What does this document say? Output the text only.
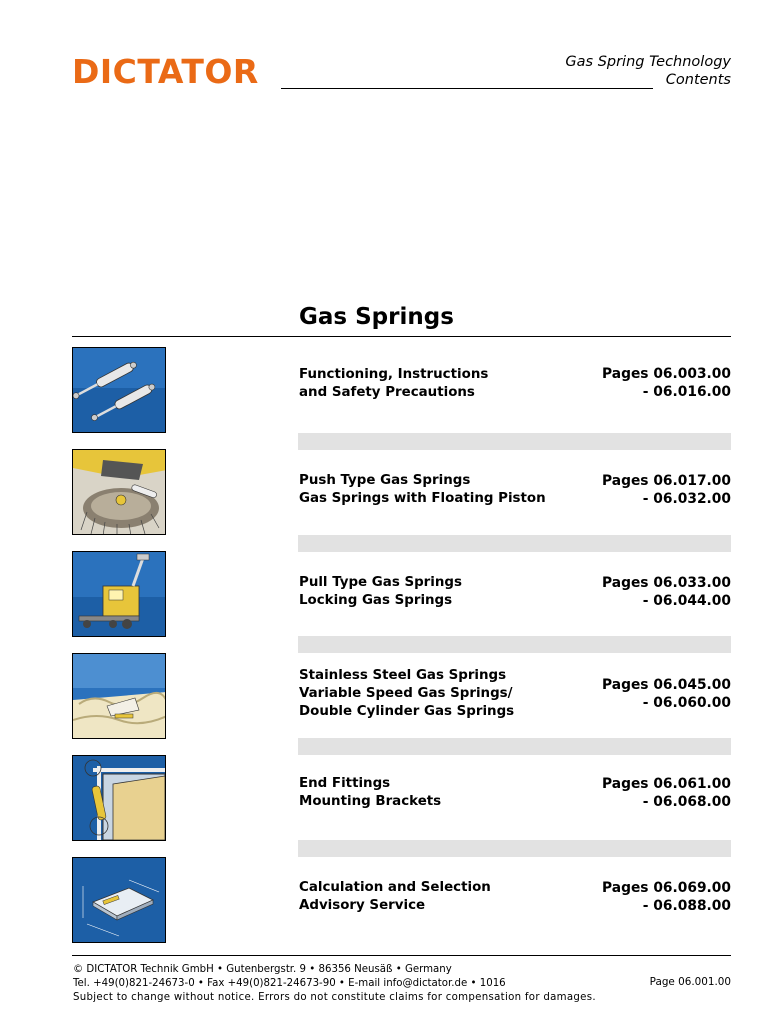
DICTATOR	Gas Spring Technology
Contents
Gas Springs
Functioning, Instructions
and Safety Precautions
Pages 06.003.00
- 06.016.00
Push Type Gas Springs
Gas Springs with Floating Piston
Pages 06.017.00
- 06.032.00
Pull Type Gas Springs
Locking Gas Springs
Pages 06.033.00
- 06.044.00
Stainless Steel Gas Springs
Variable Speed Gas Springs/
Double Cylinder Gas Springs
Pages 06.045.00
- 06.060.00
End Fittings
Mounting Brackets
Pages 06.061.00
- 06.068.00
Calculation and Selection
Advisory Service
Pages 06.069.00
- 06.088.00
© DICTATOR Technik GmbH • Gutenbergstr. 9 • 86356 Neusäß • Germany
Tel. +49(0)821-24673-0 • Fax +49(0)821-24673-90 • E-mail info@dictator.de • 1016
Subject to change without notice. Errors do not constitute claims for compensation for damages.
Page 06.001.00
